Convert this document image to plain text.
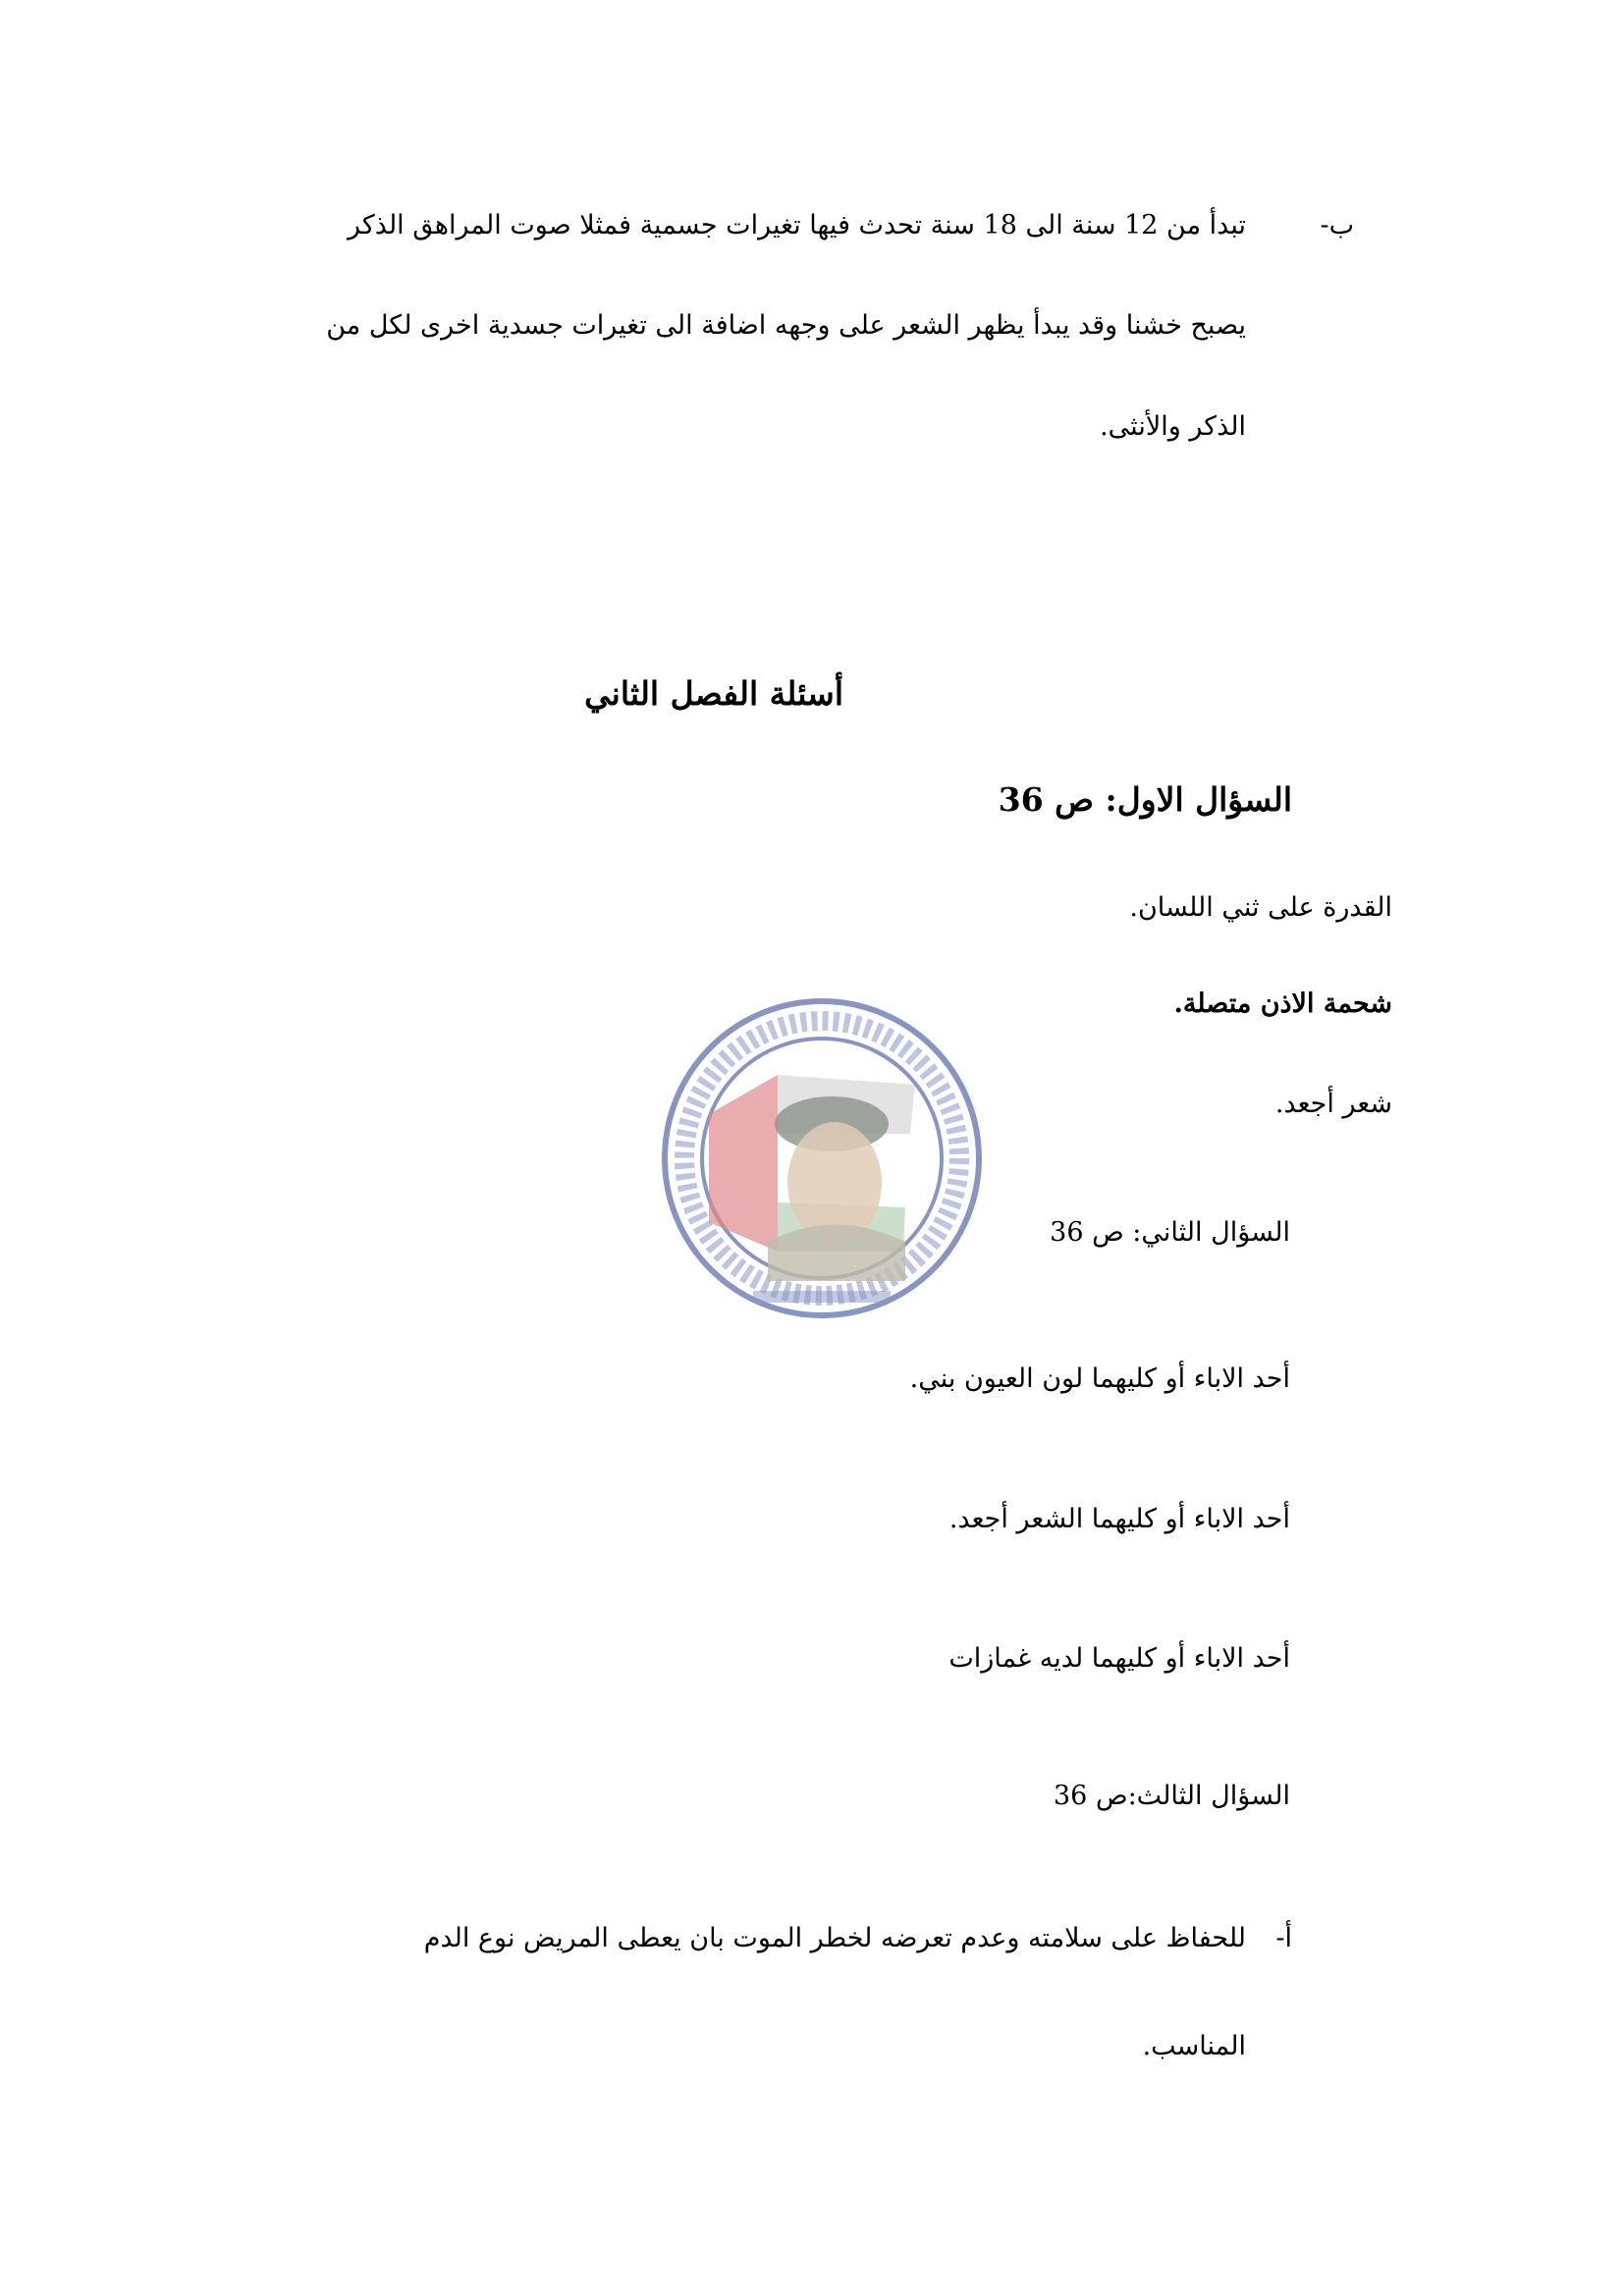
ب-
تبدأ من 12 سنة الى 18 سنة تحدث فيها تغيرات جسمية فمثلا صوت المراهق الذكر
يصبح خشنا وقد يبدأ يظهر الشعر على وجهه اضافة الى تغيرات جسدية اخرى لكل من
الذكر والأنثى.
أسئلة الفصل الثاني
السؤال الاول: ص 36
القدرة على ثني اللسان.
شحمة الاذن متصلة.
شعر أجعد.
السؤال الثاني: ص 36
أحد الاباء أو كليهما لون العيون بني.
أحد الاباء أو كليهما الشعر أجعد.
أحد الاباء أو كليهما لديه غمازات
السؤال الثالث:ص 36
أ-
للحفاظ على سلامته وعدم تعرضه لخطر الموت بان يعطى المريض نوع الدم
المناسب.
